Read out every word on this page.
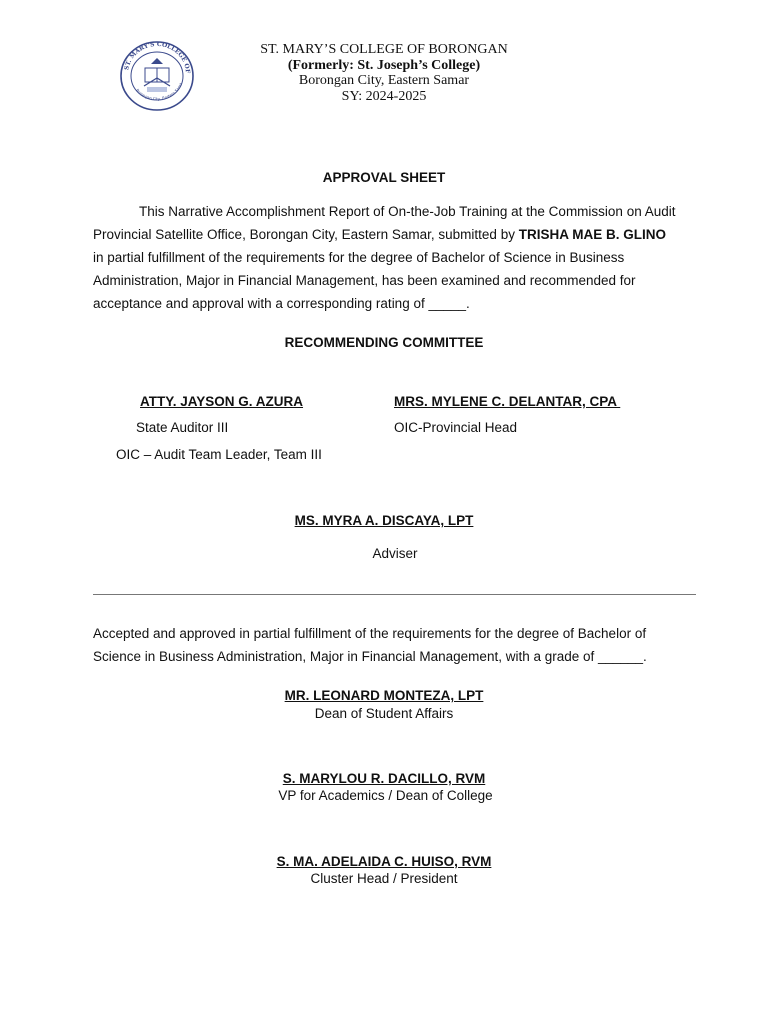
ST. MARY'S COLLEGE OF
Borongan City, Eastern Sama
ST. MARY’S COLLEGE OF BORONGAN
(Formerly: St. Joseph’s College)
Borongan City, Eastern Samar
SY: 2024-2025
APPROVAL SHEET
This Narrative Accomplishment Report of On-the-Job Training at the Commission on Audit Provincial Satellite Office, Borongan City, Eastern Samar, submitted by TRISHA MAE B. GLINO in partial fulfillment of the requirements for the degree of Bachelor of Science in Business Administration, Major in Financial Management, has been examined and recommended for acceptance and approval with a corresponding rating of _____.
RECOMMENDING COMMITTEE
ATTY. JAYSON G. AZURA
State Auditor III
OIC – Audit Team Leader, Team III
MRS. MYLENE C. DELANTAR, CPA
OIC-Provincial Head
MS. MYRA A. DISCAYA, LPT
Adviser
Accepted and approved in partial fulfillment of the requirements for the degree of Bachelor of Science in Business Administration, Major in Financial Management, with a grade of ______.
MR. LEONARD MONTEZA, LPT
Dean of Student Affairs
S. MARYLOU R. DACILLO, RVM
VP for Academics / Dean of College
S. MA. ADELAIDA C. HUISO, RVM
Cluster Head / President
